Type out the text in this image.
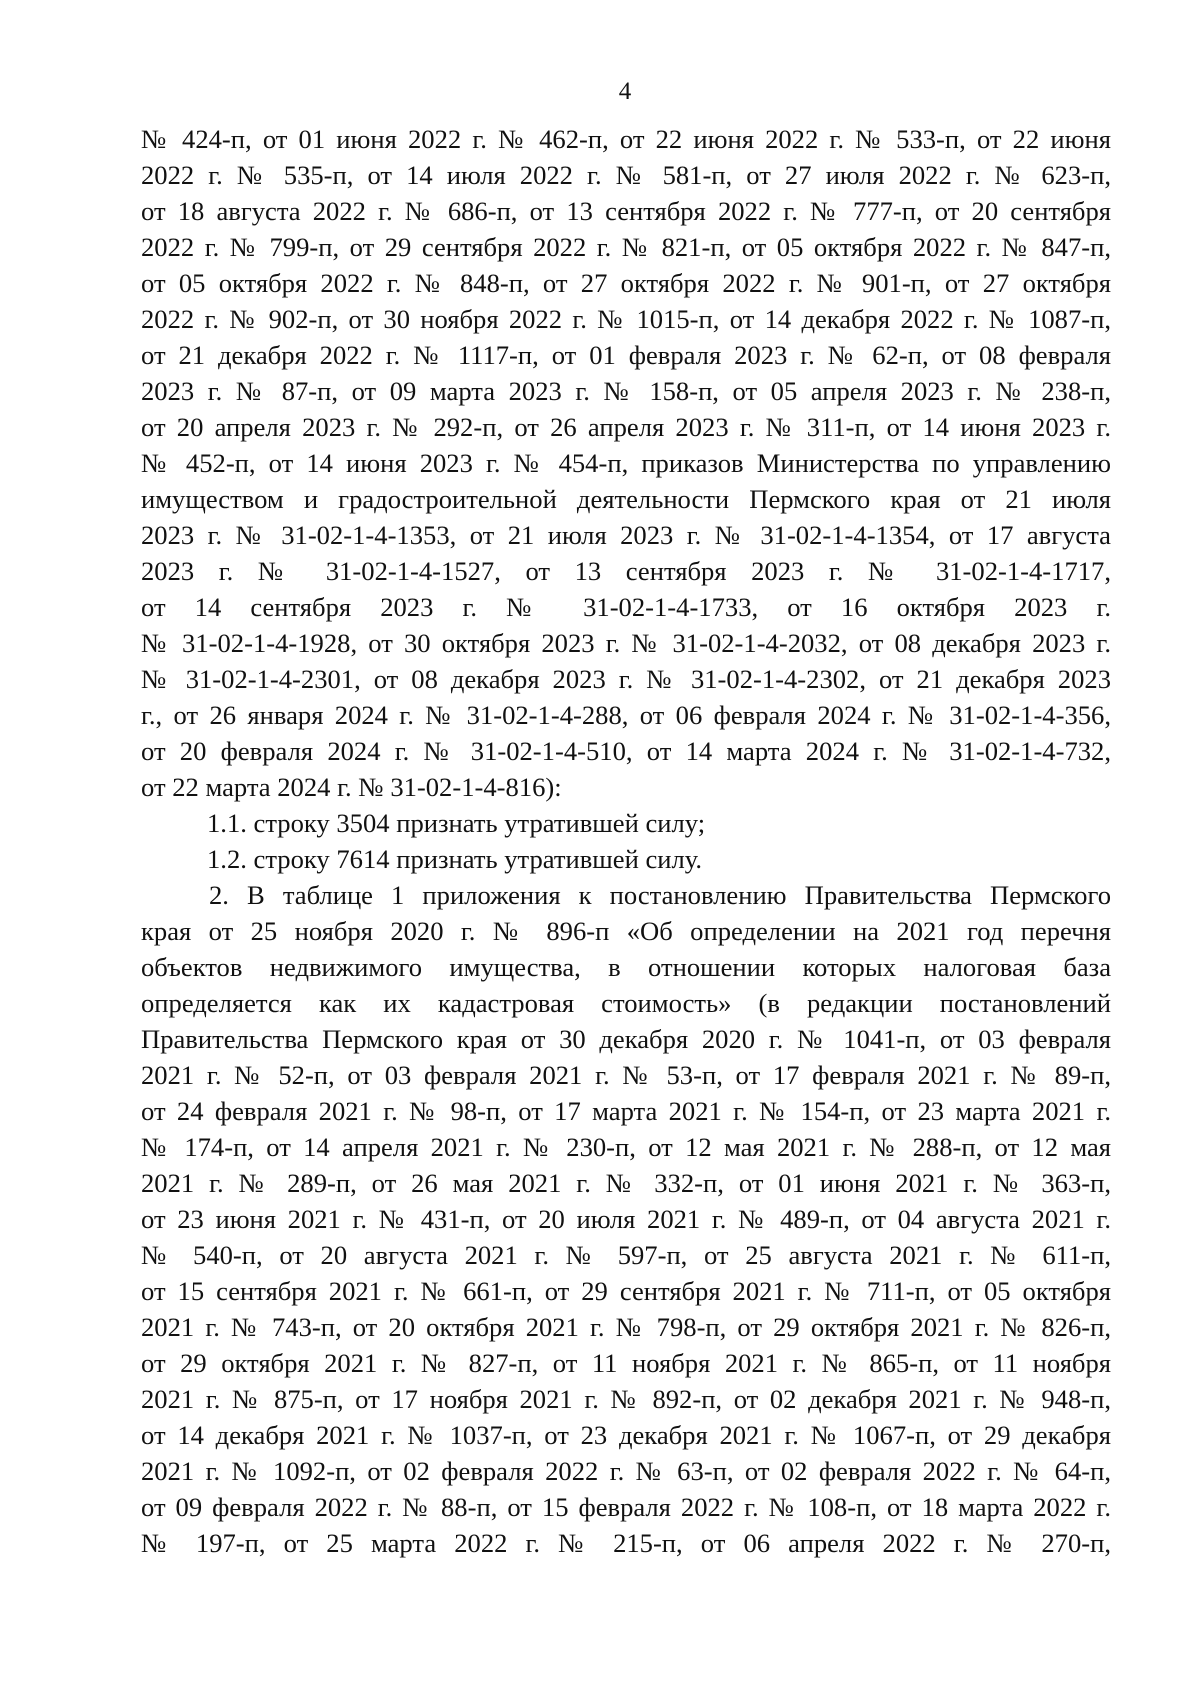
4
№ 424-п, от 01 июня 2022 г. № 462-п, от 22 июня 2022 г. № 533-п, от 22 июня
2022 г. № 535-п, от 14 июля 2022 г. № 581-п, от 27 июля 2022 г. № 623-п,
от 18 августа 2022 г. № 686-п, от 13 сентября 2022 г. № 777-п, от 20 сентября
2022 г. № 799-п, от 29 сентября 2022 г. № 821-п, от 05 октября 2022 г. № 847-п,
от 05 октября 2022 г. № 848-п, от 27 октября 2022 г. № 901-п, от 27 октября
2022 г. № 902-п, от 30 ноября 2022 г. № 1015-п, от 14 декабря 2022 г. № 1087-п,
от 21 декабря 2022 г. № 1117-п, от 01 февраля 2023 г. № 62-п, от 08 февраля
2023 г. № 87-п, от 09 марта 2023 г. № 158-п, от 05 апреля 2023 г. № 238-п,
от 20 апреля 2023 г. № 292-п, от 26 апреля 2023 г. № 311-п, от 14 июня 2023 г.
№ 452-п, от 14 июня 2023 г. № 454-п, приказов Министерства по управлению
имуществом и градостроительной деятельности Пермского края от 21 июля
2023 г. № 31-02-1-4-1353, от 21 июля 2023 г. № 31-02-1-4-1354, от 17 августа
2023 г. № 31-02-1-4-1527, от 13 сентября 2023 г. № 31-02-1-4-1717,
от 14 сентября 2023 г. № 31-02-1-4-1733, от 16 октября 2023 г.
№ 31-02-1-4-1928, от 30 октября 2023 г. № 31-02-1-4-2032, от 08 декабря 2023 г.
№ 31-02-1-4-2301, от 08 декабря 2023 г. № 31-02-1-4-2302, от 21 декабря 2023
г., от 26 января 2024 г. № 31-02-1-4-288, от 06 февраля 2024 г. № 31-02-1-4-356,
от 20 февраля 2024 г. № 31-02-1-4-510, от 14 марта 2024 г. № 31-02-1-4-732,
от 22 марта 2024 г. № 31-02-1-4-816):
1.1. строку 3504 признать утратившей силу;
1.2. строку 7614 признать утратившей силу.
2. В таблице 1 приложения к постановлению Правительства Пермского
края от 25 ноября 2020 г. № 896-п «Об определении на 2021 год перечня
объектов недвижимого имущества, в отношении которых налоговая база
определяется как их кадастровая стоимость» (в редакции постановлений
Правительства Пермского края от 30 декабря 2020 г. № 1041-п, от 03 февраля
2021 г. № 52-п, от 03 февраля 2021 г. № 53-п, от 17 февраля 2021 г. № 89-п,
от 24 февраля 2021 г. № 98-п, от 17 марта 2021 г. № 154-п, от 23 марта 2021 г.
№ 174-п, от 14 апреля 2021 г. № 230-п, от 12 мая 2021 г. № 288-п, от 12 мая
2021 г. № 289-п, от 26 мая 2021 г. № 332-п, от 01 июня 2021 г. № 363-п,
от 23 июня 2021 г. № 431-п, от 20 июля 2021 г. № 489-п, от 04 августа 2021 г.
№ 540-п, от 20 августа 2021 г. № 597-п, от 25 августа 2021 г. № 611-п,
от 15 сентября 2021 г. № 661-п, от 29 сентября 2021 г. № 711-п, от 05 октября
2021 г. № 743-п, от 20 октября 2021 г. № 798-п, от 29 октября 2021 г. № 826-п,
от 29 октября 2021 г. № 827-п, от 11 ноября 2021 г. № 865-п, от 11 ноября
2021 г. № 875-п, от 17 ноября 2021 г. № 892-п, от 02 декабря 2021 г. № 948-п,
от 14 декабря 2021 г. № 1037-п, от 23 декабря 2021 г. № 1067-п, от 29 декабря
2021 г. № 1092-п, от 02 февраля 2022 г. № 63-п, от 02 февраля 2022 г. № 64-п,
от 09 февраля 2022 г. № 88-п, от 15 февраля 2022 г. № 108-п, от 18 марта 2022 г.
№ 197-п, от 25 марта 2022 г. № 215-п, от 06 апреля 2022 г. № 270-п,
